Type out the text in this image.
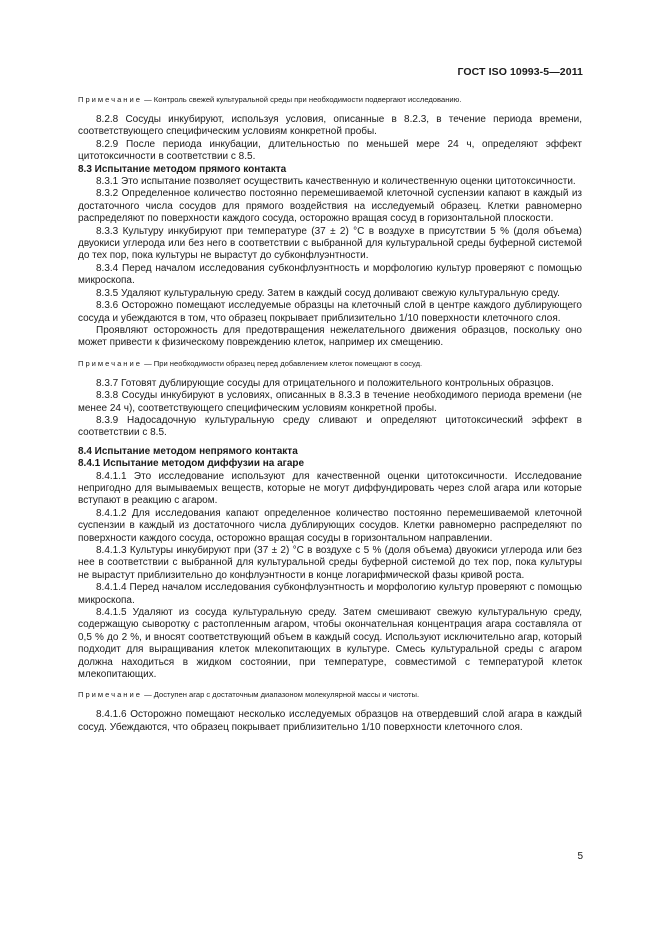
ГОСТ ISO 10993-5—2011

Примечание — Контроль свежей культуральной среды при необходимости подвергают исследованию.

8.2.8 Сосуды инкубируют, используя условия, описанные в 8.2.3, в течение периода времени, соответствующего специфическим условиям конкретной пробы.

8.2.9 После периода инкубации, длительностью по меньшей мере 24 ч, определяют эффект цитотоксичности в соответствии с 8.5.

8.3 Испытание методом прямого контакта

8.3.1 Это испытание позволяет осуществить качественную и количественную оценки цитотоксичности.

8.3.2 Определенное количество постоянно перемешиваемой клеточной суспензии капают в каждый из достаточного числа сосудов для прямого воздействия на исследуемый образец. Клетки равномерно распределяют по поверхности каждого сосуда, осторожно вращая сосуд в горизонтальной плоскости.

8.3.3 Культуру инкубируют при температуре (37 ± 2) °С в воздухе в присутствии 5 % (доля объема) двуокиси углерода или без него в соответствии с выбранной для культуральной среды буферной системой до тех пор, пока культуры не вырастут до субконфлуэнтности.

8.3.4 Перед началом исследования субконфлуэнтность и морфологию культур проверяют с помощью микроскопа.

8.3.5 Удаляют культуральную среду. Затем в каждый сосуд доливают свежую культуральную среду.

8.3.6 Осторожно помещают исследуемые образцы на клеточный слой в центре каждого дублирующего сосуда и убеждаются в том, что образец покрывает приблизительно 1/10 поверхности клеточного слоя.

Проявляют осторожность для предотвращения нежелательного движения образцов, поскольку оно может привести к физическому повреждению клеток, например их смещению.

Примечание — При необходимости образец перед добавлением клеток помещают в сосуд.

8.3.7 Готовят дублирующие сосуды для отрицательного и положительного контрольных образцов.

8.3.8 Сосуды инкубируют в условиях, описанных в 8.3.3 в течение необходимого периода времени (не менее 24 ч), соответствующего специфическим условиям конкретной пробы.

8.3.9 Надосадочную культуральную среду сливают и определяют цитотоксический эффект в соответствии с 8.5.

8.4 Испытание методом непрямого контакта

8.4.1 Испытание методом диффузии на агаре

8.4.1.1 Это исследование используют для качественной оценки цитотоксичности. Исследование непригодно для вымываемых веществ, которые не могут диффундировать через слой агара или которые вступают в реакцию с агаром.

8.4.1.2 Для исследования капают определенное количество постоянно перемешиваемой клеточной суспензии в каждый из достаточного числа дублирующих сосудов. Клетки равномерно распределяют по поверхности каждого сосуда, осторожно вращая сосуды в горизонтальном направлении.

8.4.1.3 Культуры инкубируют при (37 ± 2) °С в воздухе с 5 % (доля объема) двуокиси углерода или без нее в соответствии с выбранной для культуральной среды буферной системой до тех пор, пока культуры не вырастут приблизительно до конфлуэнтности в конце логарифмической фазы кривой роста.

8.4.1.4 Перед началом исследования субконфлуэнтность и морфологию культур проверяют с помощью микроскопа.

8.4.1.5 Удаляют из сосуда культуральную среду. Затем смешивают свежую культуральную среду, содержащую сыворотку с растопленным агаром, чтобы окончательная концентрация агара составляла от 0,5 % до 2 %, и вносят соответствующий объем в каждый сосуд. Используют исключительно агар, который подходит для выращивания клеток млекопитающих в культуре. Смесь культуральной среды с агаром должна находиться в жидком состоянии, при температуре, совместимой с температурой клеток млекопитающих.

Примечание — Доступен агар с достаточным диапазоном молекулярной массы и чистоты.

8.4.1.6 Осторожно помещают несколько исследуемых образцов на отвердевший слой агара в каждый сосуд. Убеждаются, что образец покрывает приблизительно 1/10 поверхности клеточного слоя.

5
